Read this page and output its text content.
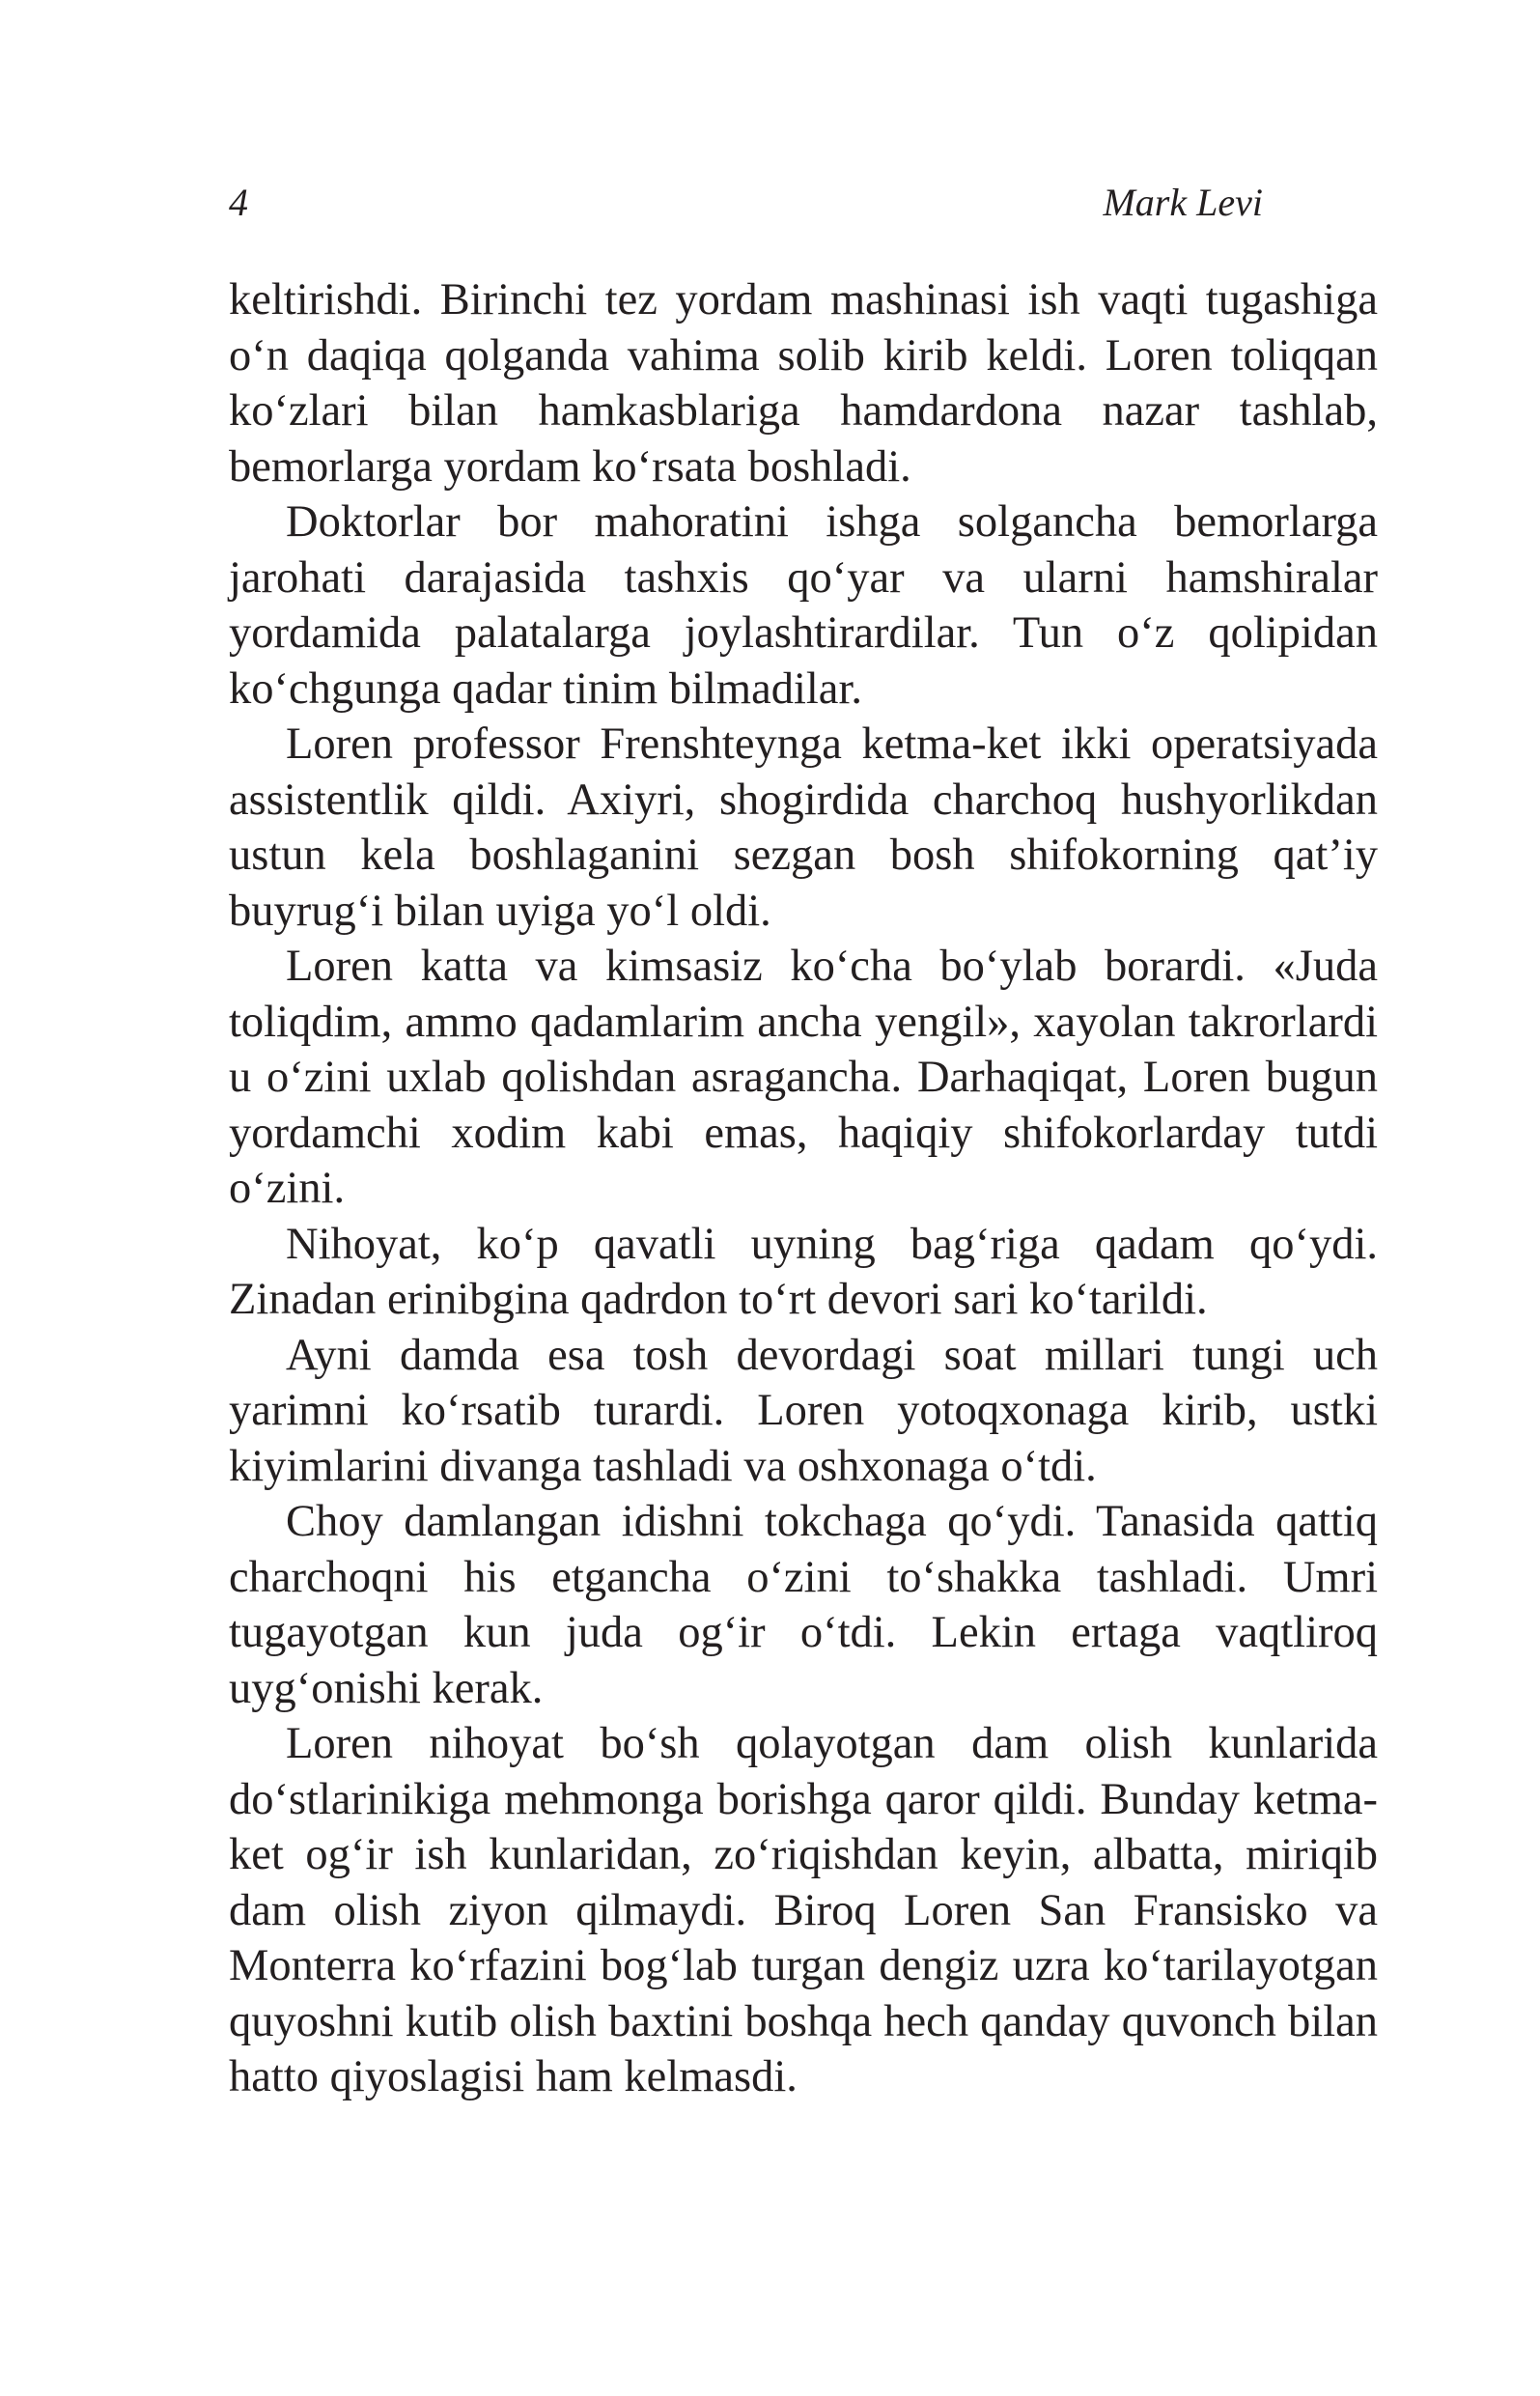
4	Mark Levi

keltirishdi. Birinchi tez yordam mashinasi ish vaqti tugashiga o‘n daqiqa qolganda vahima solib kirib keldi. Loren toliqqan ko‘zlari bilan hamkasblariga hamdardona nazar tashlab, bemorlarga yordam ko‘rsata boshladi.

Doktorlar bor mahoratini ishga solgancha bemorlarga jarohati darajasida tashxis qo‘yar va ularni hamshiralar yordamida palatalarga joylashtirardilar. Tun o‘z qolipidan ko‘chgunga qadar tinim bilmadilar.

Loren professor Frenshteynga ketma-ket ikki operatsiyada assistentlik qildi. Axiyri, shogirdida charchoq hushyorlikdan ustun kela boshlaganini sezgan bosh shifokorning qat’iy buyrug‘i bilan uyiga yo‘l oldi.

Loren katta va kimsasiz ko‘cha bo‘ylab borardi. «Juda toliqdim, ammo qadamlarim ancha yengil», xayolan takrorlardi u o‘zini uxlab qolishdan asragancha. Darhaqiqat, Loren bugun yordamchi xodim kabi emas, haqiqiy shifokorlarday tutdi o‘zini.

Nihoyat, ko‘p qavatli uyning bag‘riga qadam qo‘ydi. Zinadan erinibgina qadrdon to‘rt devori sari ko‘tarildi.

Ayni damda esa tosh devordagi soat millari tungi uch yarimni ko‘rsatib turardi. Loren yotoqxonaga kirib, ustki kiyimlarini divanga tashladi va oshxonaga o‘tdi.

Choy damlangan idishni tokchaga qo‘ydi. Tanasida qattiq charchoqni his etgancha o‘zini to‘shakka tashladi. Umri tugayotgan kun juda og‘ir o‘tdi. Lekin ertaga vaqtliroq uyg‘onishi kerak.

Loren nihoyat bo‘sh qolayotgan dam olish kunlarida do‘stlarinikiga mehmonga borishga qaror qildi. Bunday ketma-ket og‘ir ish kunlaridan, zo‘riqishdan keyin, albatta, miriqib dam olish ziyon qilmaydi. Biroq Loren San Fransisko va Monterra ko‘rfazini bog‘lab turgan dengiz uzra ko‘tarilayotgan quyoshni kutib olish baxtini boshqa hech qanday quvonch bilan hatto qiyoslagisi ham kelmasdi.
